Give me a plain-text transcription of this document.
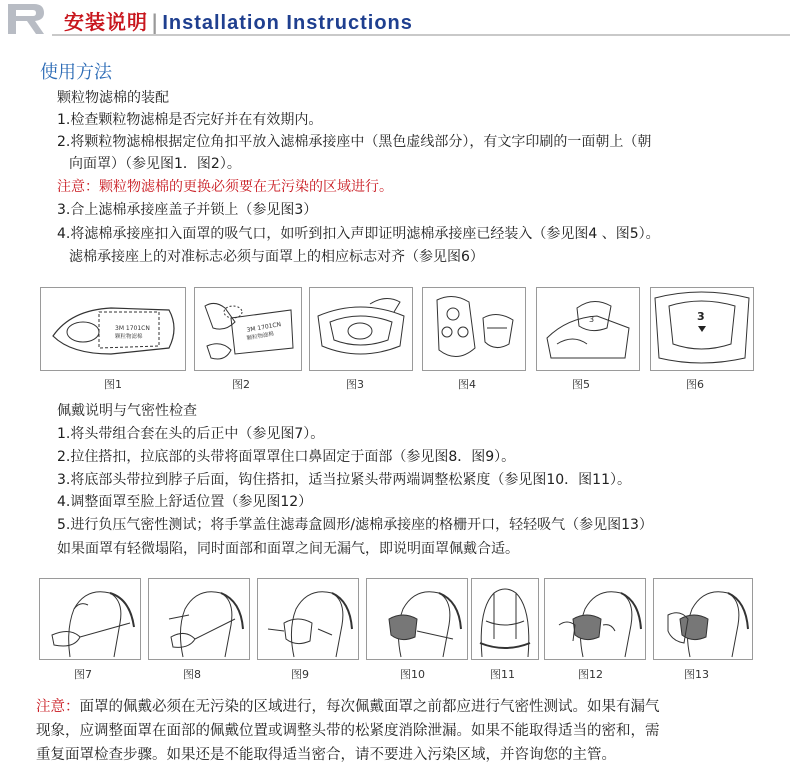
安装说明 | Installation Instructions
使用方法
颗粒物滤棉的装配
1.检查颗粒物滤棉是否完好并在有效期内。
2.将颗粒物滤棉根据定位角扣平放入滤棉承接座中（黑色虚线部分），有文字印刷的一面朝上（朝
向面罩）（参见图1．图2）。
注意：颗粒物滤棉的更换必须要在无污染的区域进行。
3.合上滤棉承接座盖子并锁上（参见图3）
4.将滤棉承接座扣入面罩的吸气口，如听到扣入声即证明滤棉承接座已经装入（参见图4 、图5）。
滤棉承接座上的对准标志必须与面罩上的相应标志对齐（参见图6）
3M 1701CN
颗粒物滤棉
图1
3M 1701CN
颗粒物滤棉
图2	图3	图4
3
图5
3
图6
佩戴说明与气密性检查
1.将头带组合套在头的后正中（参见图7）。
2.拉住搭扣，拉底部的头带将面罩罩住口鼻固定于面部（参见图8．图9）。
3.将底部头带拉到脖子后面，钩住搭扣，适当拉紧头带两端调整松紧度（参见图10．图11）。
4.调整面罩至脸上舒适位置（参见图12）
5.进行负压气密性测试；将手掌盖住滤毒盒圆形/滤棉承接座的格栅开口，轻轻吸气（参见图13）
如果面罩有轻微塌陷，同时面部和面罩之间无漏气，即说明面罩佩戴合适。
图7	图8	图9	图10	图11	图12	图13
注意：面罩的佩戴必须在无污染的区域进行，每次佩戴面罩之前都应进行气密性测试。如果有漏气
现象，应调整面罩在面部的佩戴位置或调整头带的松紧度消除泄漏。如果不能取得适当的密和，需
重复面罩检查步骤。如果还是不能取得适当密合，请不要进入污染区域，并咨询您的主管。
